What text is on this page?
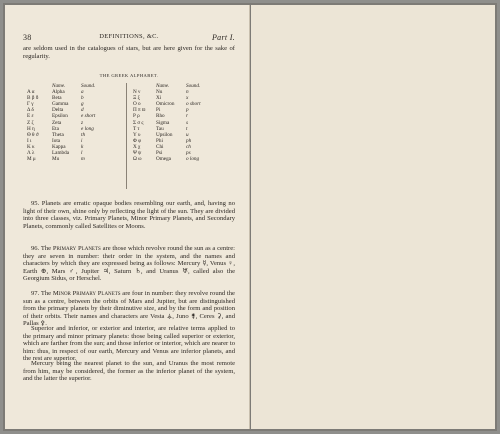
38	DEFINITIONS, &C.	Part I.
are seldom used in the catalogues of stars, but are here given for the sake of regularity.
THE GREEK ALPHABET.
Name.	Sound.
Α α	Alpha	a
Β β ϐ	Beta	b
Γ γ	Gamma	g
Δ δ	Delta	d
Ε ε	Epsilon	e short
Ζ ζ	Zeta	z
Η η	Eta	e long
Θ θ ϑ	Theta	th
Ι ι	Iota	i
Κ κ	Kappa	k
Λ λ	Lambda	l
Μ μ	Mu	m
Name.	Sound.
Ν ν	Nu	n
Ξ ξ	Xi	x
Ο ο	Omicron	o short
Π π ϖ	Pi	p
Ρ ρ	Rho	r
Σ σ ς	Sigma	s
Τ τ	Tau	t
Υ υ	Upsilon	u
Φ φ	Phi	ph
Χ χ	Chi	ch
Ψ ψ	Psi	ps
Ω ω	Omega	o long
95. Planets are erratic opaque bodies resembling our earth, and, having no light of their own, shine only by reflecting the light of the sun. They are divided into three classes, viz. Primary Planets, Minor Primary Planets, and Secondary Planets, commonly called Satellites or Moons.
96. The Primary Planets are those which revolve round the sun as a centre: they are seven in number: their order in the system, and the names and characters by which they are expressed being as follows: Mercury ☿, Venus ♀, Earth ⊕, Mars ♂, Jupiter ♃, Saturn ♄, and Uranus ♅, called also the Georgium Sidus, or Herschel.
97. The Minor Primary Planets are four in number: they revolve round the sun as a centre, between the orbits of Mars and Jupiter, but are distinguished from the primary planets by their diminutive size, and by the form and position of their orbits. Their names and characters are Vesta ⚶, Juno ⚵, Ceres ⚳, and Pallas ⚴.
Superior and inferior, or exterior and interior, are relative terms applied to the primary and minor primary planets: those being called superior or exterior, which are farther from the sun; and those inferior or interior, which are nearer to him: thus, in respect of our earth, Mercury and Venus are inferior planets, and the rest are superior.
Mercury being the nearest planet to the sun, and Uranus the most remote from him, may be considered, the former as the inferior planet of the system, and the latter the superior.
